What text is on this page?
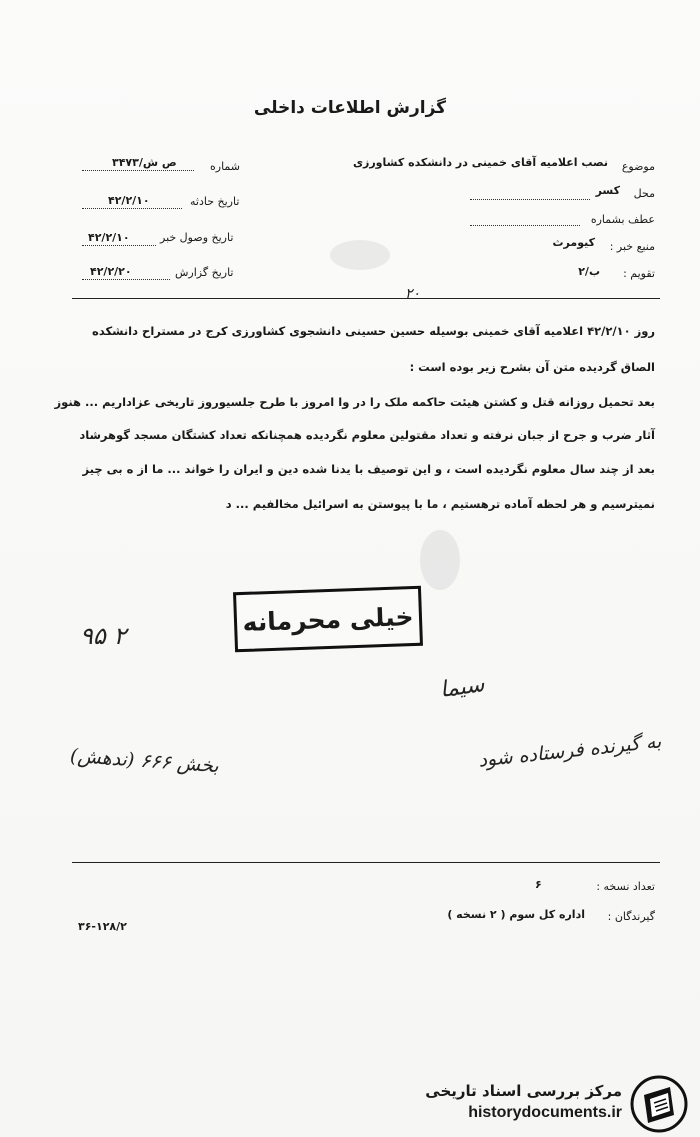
گزارش اطلاعات داخلی
موضوع
نصب اعلامیه آقای خمینی در دانشکده کشاورزی
محل
کسر
عطف بشماره
منبع خبر :
کیومرث
تقویم :
ب/۲
شماره
۳۴۷۳/ص ش
تاریخ حادثه
۴۲/۲/۱۰
تاریخ وصول خبر
۴۲/۲/۱۰
تاریخ گزارش
۴۲/۲/۲۰
۲۰
روز ۴۲/۲/۱۰ اعلامیه آقای خمینی بوسیله حسین حسینی دانشجوی کشاورزی کرج در مستراح دانشکده
الصاق گردیده متن آن بشرح زیر بوده است :
بعد تحمیل روزانه قتل و کشتن هیئت حاکمه ملک را در وا امروز با طرح جلسیوروز تاریخی عزاداریم ... هنوز
آثار ضرب و جرح از جبان نرفته و تعداد مقتولین معلوم نگردیده همچنانکه تعداد کشتگان مسجد گوهرشاد
بعد از چند سال معلوم نگردیده است ، و این توصیف با یدنا شده دین و ایران را خواند ... ما از ه بی چیز
نمیترسیم و هر لحظه آماده ترهستیم ، ما با پیوستن به اسرائیل مخالفیم ... د
خیلی محرمانه
۹۵ ۲
سیما
به گیرنده فرستاده شود
بخش ۶۶۶ (ندهش)
تعداد نسخه :
۶
گیرندگان :
اداره کل سوم ( ۲ نسخه )
۳۶-۱۲۸/۲
مرکز بررسی اسناد تاریخی
historydocuments.ir
